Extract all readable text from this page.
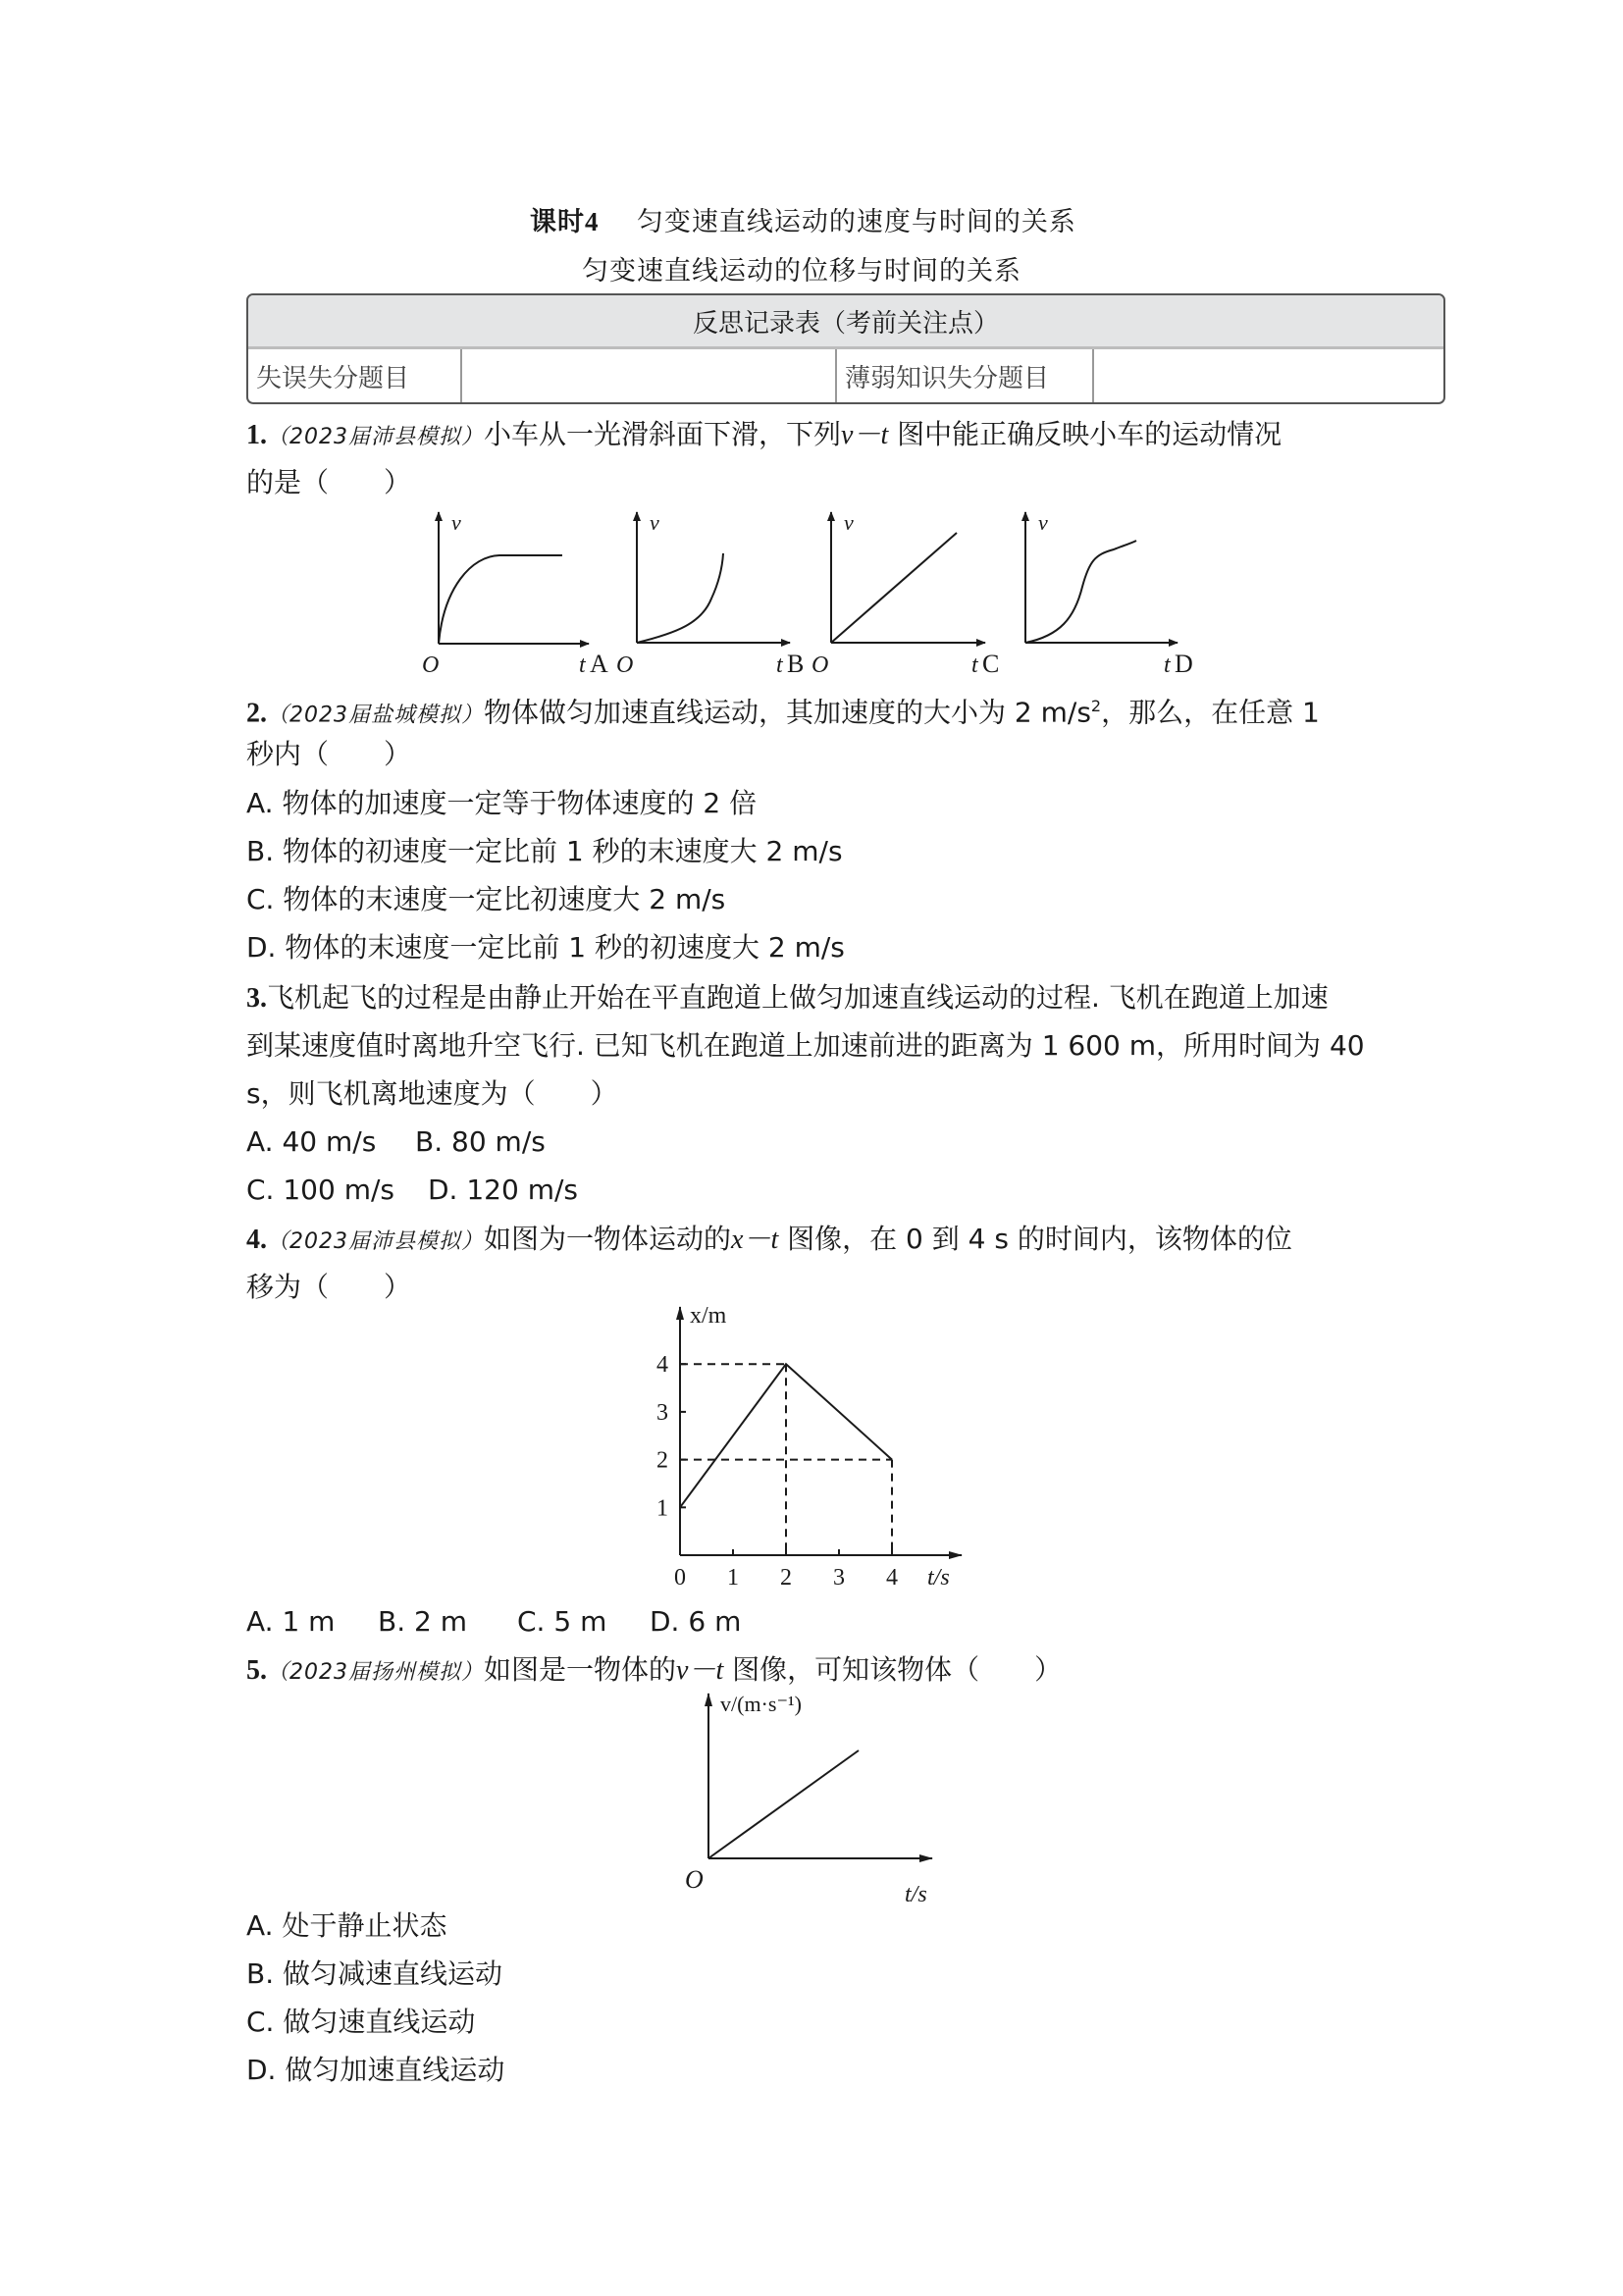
课时4 匀变速直线运动的速度与时间的关系
匀变速直线运动的位移与时间的关系
反思记录表（考前关注点）
失误失分题目		薄弱知识失分题目	
1.（2023届沛县模拟）小车从一光滑斜面下滑，下列v－t 图中能正确反映小车的运动情况
的是（　　）
v
O	t A
v
O	t B
v
O	t C
v
t D
2.（2023届盐城模拟）物体做匀加速直线运动，其加速度的大小为 2 $m/s^2$，那么，在任意 1
秒内（　　）
A. 物体的加速度一定等于物体速度的 2 倍
B. 物体的初速度一定比前 1 秒的末速度大 2 m/s
C. 物体的末速度一定比初速度大 2 m/s
D. 物体的末速度一定比前 1 秒的初速度大 2 m/s
3.飞机起飞的过程是由静止开始在平直跑道上做匀加速直线运动的过程. 飞机在跑道上加速
到某速度值时离地升空飞行. 已知飞机在跑道上加速前进的距离为 1 600 m，所用时间为 40
s，则飞机离地速度为（　　）
A. 40 m/s B. 80 m/s
C. 100 m/s D. 120 m/s
4.（2023届沛县模拟）如图为一物体运动的x－t 图像，在 0 到 4 s 的时间内，该物体的位
移为（　　）
0 1 2 3 4
1
2
3
4
x/m
t/s
A. 1 m B. 2 m C. 5 m D. 6 m
5.（2023届扬州模拟）如图是一物体的v－t 图像，可知该物体（　　）
v/(m·s⁻¹)
O
t/s
A. 处于静止状态
B. 做匀减速直线运动
C. 做匀速直线运动
D. 做匀加速直线运动
